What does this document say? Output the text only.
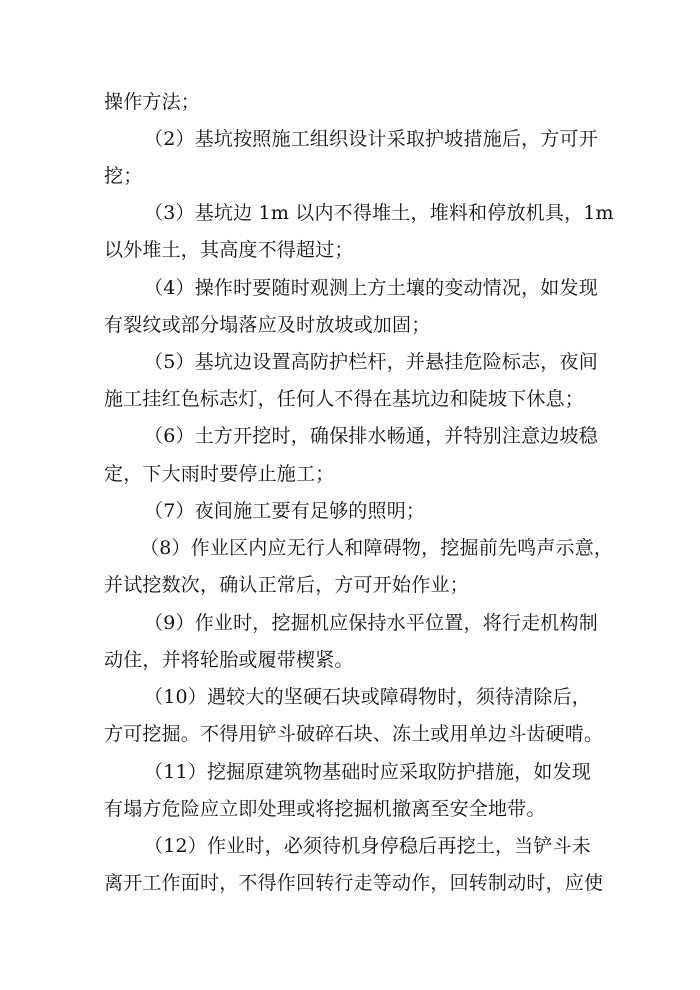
操作方法；
（2）基坑按照施工组织设计采取护坡措施后，方可开
挖；
（3）基坑边 1m 以内不得堆土，堆料和停放机具，1m
以外堆土，其高度不得超过；
（4）操作时要随时观测上方土壤的变动情况，如发现
有裂纹或部分塌落应及时放坡或加固；
（5）基坑边设置高防护栏杆，并悬挂危险标志，夜间
施工挂红色标志灯，任何人不得在基坑边和陡坡下休息；
（6）土方开挖时，确保排水畅通，并特别注意边坡稳
定，下大雨时要停止施工；
（7）夜间施工要有足够的照明；
（8）作业区内应无行人和障碍物，挖掘前先鸣声示意，
并试挖数次，确认正常后，方可开始作业；
（9）作业时，挖掘机应保持水平位置，将行走机构制
动住，并将轮胎或履带楔紧。
（10）遇较大的坚硬石块或障碍物时，须待清除后，
方可挖掘。不得用铲斗破碎石块、冻土或用单边斗齿硬啃。
（11）挖掘原建筑物基础时应采取防护措施，如发现
有塌方危险应立即处理或将挖掘机撤离至安全地带。
（12）作业时，必须待机身停稳后再挖土，当铲斗未
离开工作面时，不得作回转行走等动作，回转制动时，应使
